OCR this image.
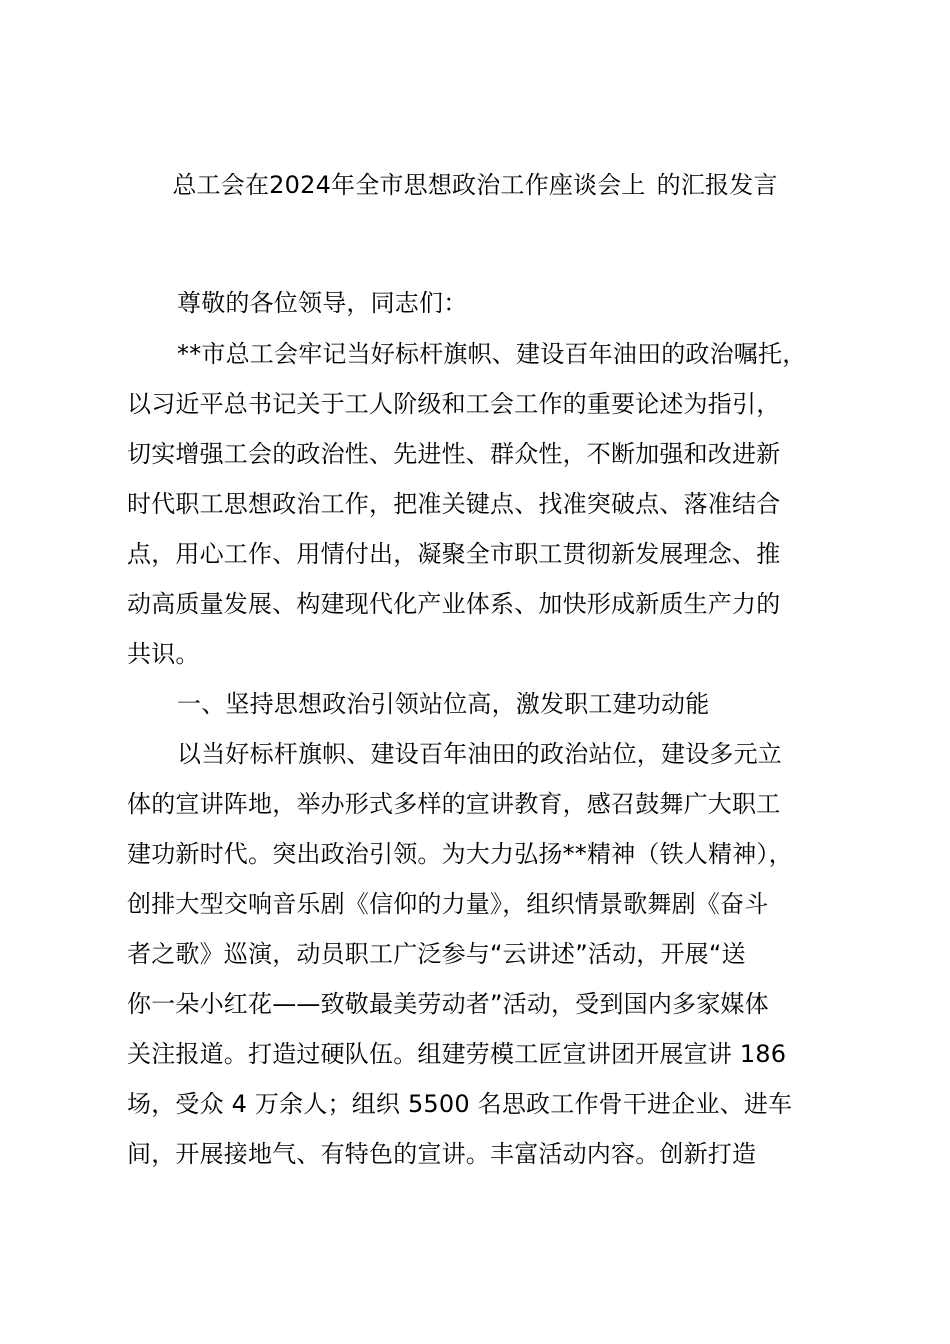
总工会在2024年全市思想政治工作座谈会上 的汇报发言
尊敬的各位领导，同志们：
**市总工会牢记当好标杆旗帜、建设百年油田的政治嘱托，
以习近平总书记关于工人阶级和工会工作的重要论述为指引，
切实增强工会的政治性、先进性、群众性，不断加强和改进新
时代职工思想政治工作，把准关键点、找准突破点、落准结合
点，用心工作、用情付出，凝聚全市职工贯彻新发展理念、推
动高质量发展、构建现代化产业体系、加快形成新质生产力的
共识。
一、坚持思想政治引领站位高，激发职工建功动能
以当好标杆旗帜、建设百年油田的政治站位，建设多元立
体的宣讲阵地，举办形式多样的宣讲教育，感召鼓舞广大职工
建功新时代。突出政治引领。为大力弘扬**精神（铁人精神），
创排大型交响音乐剧《信仰的力量》，组织情景歌舞剧《奋斗
者之歌》巡演，动员职工广泛参与“云讲述”活动，开展“送
你一朵小红花——致敬最美劳动者”活动，受到国内多家媒体
关注报道。打造过硬队伍。组建劳模工匠宣讲团开展宣讲 186
场，受众 4 万余人；组织 5500 名思政工作骨干进企业、进车
间，开展接地气、有特色的宣讲。丰富活动内容。创新打造
